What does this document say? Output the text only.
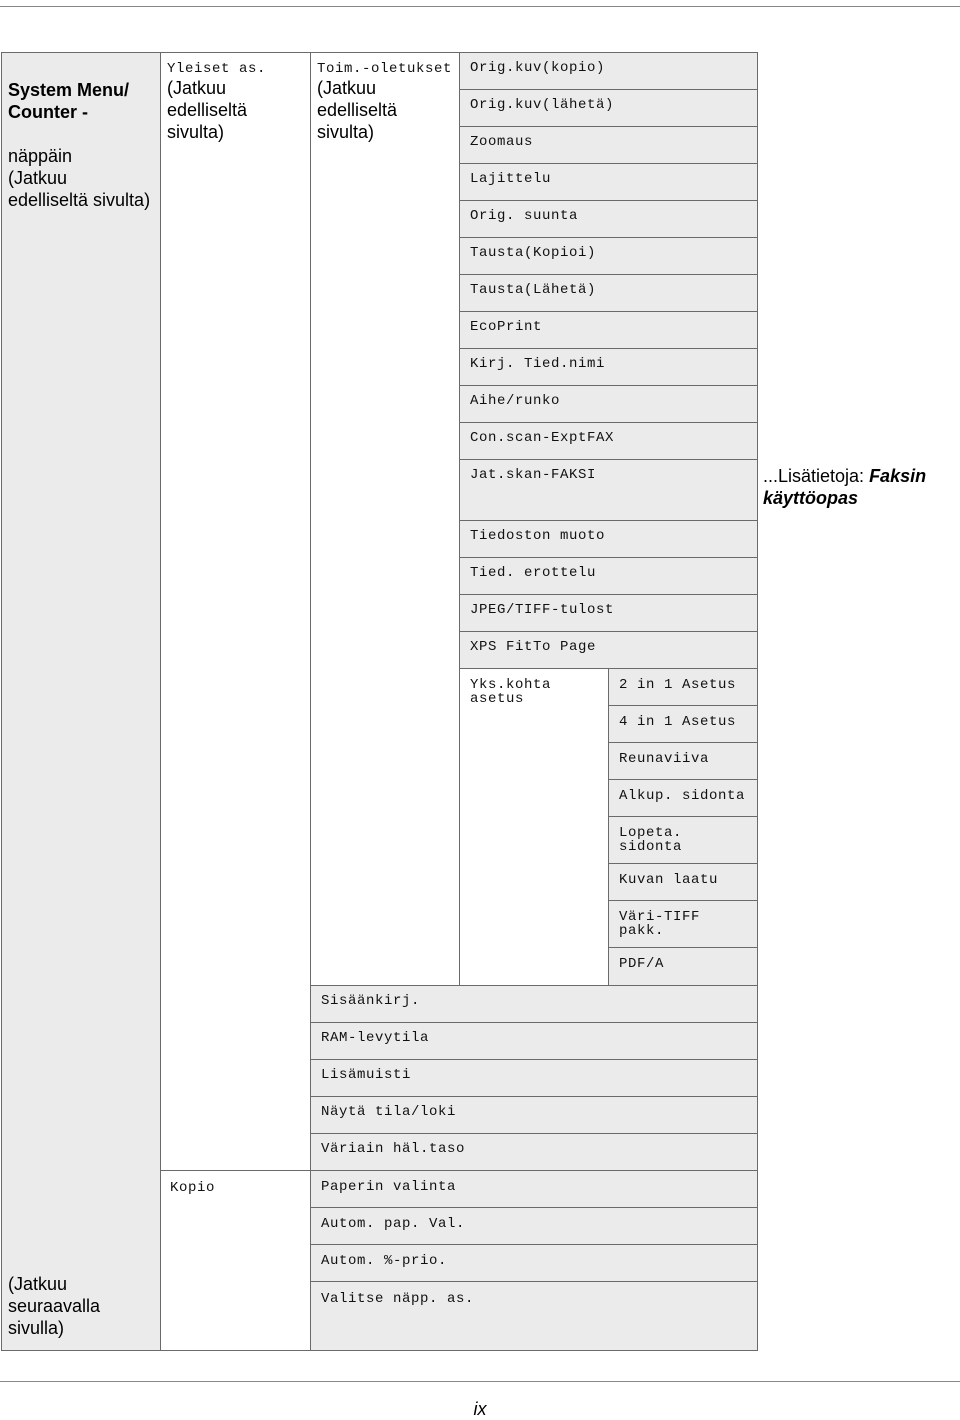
System Menu/
Counter -

näppäin
(Jatkuu
edelliseltä sivulta)

(Jatkuu
seuraavalla
sivulla)
Yleiset as.
(Jatkuu
edelliseltä
sivulta)
Kopio
Toim.-oletukset
(Jatkuu
edelliseltä
sivulta)
Orig.kuv(kopio)
Orig.kuv(lähetä)
Zoomaus
Lajittelu
Orig. suunta
Tausta(Kopioi)
Tausta(Lähetä)
EcoPrint
Kirj. Tied.nimi
Aihe/runko
Con.scan-ExptFAX
Jat.skan-FAKSI
Tiedoston muoto
Tied. erottelu
JPEG/TIFF-tulost
XPS FitTo Page
Yks.kohta
asetus
2 in 1 Asetus
4 in 1 Asetus
Reunaviiva
Alkup. sidonta
Lopeta.
sidonta
Kuvan laatu
Väri-TIFF
pakk.
PDF/A
Sisäänkirj.
RAM-levytila
Lisämuisti
Näytä tila/loki
Väriain häl.taso
Paperin valinta
Autom. pap. Val.
Autom. %-prio.
Valitse näpp. as.
...Lisätietoja: Faksin
käyttöopas
ix
